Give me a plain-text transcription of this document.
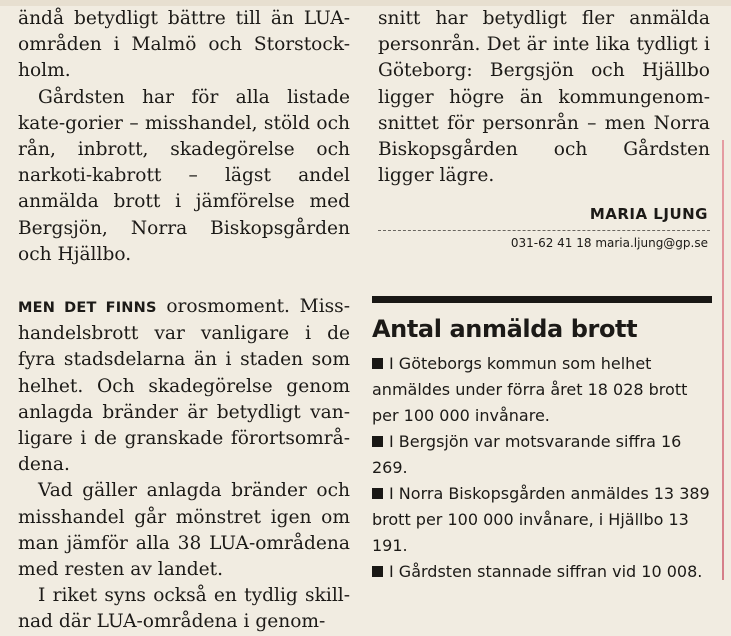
ändå betydligt bättre till än LUA-områden i Malmö och Storstock-holm.

Gårdsten har för alla listade kate-gorier – misshandel, stöld och rån, inbrott, skadegörelse och narkoti-kabrott – lägst andel anmälda brott i jämförelse med Bergsjön, Norra Biskopsgården och Hjällbo.

MEN DET FINNS orosmoment. Miss-handelsbrott var vanligare i de fyra stadsdelarna än i staden som helhet. Och skadegörelse genom anlagda bränder är betydligt van-ligare i de granskade förortsområ-dena.

Vad gäller anlagda bränder och misshandel går mönstret igen om man jämför alla 38 LUA-områdena med resten av landet.

I riket syns också en tydlig skill-nad där LUA-områdena i genom-

snitt har betydligt fler anmälda personrån. Det är inte lika tydligt i Göteborg: Bergsjön och Hjällbo ligger högre än kommungenom-snittet för personrån – men Norra Biskopsgården och Gårdsten ligger lägre.

MARIA LJUNG
031-62 41 18 maria.ljung@gp.se
Antal anmälda brott

I Göteborgs kommun som helhet anmäldes under förra året 18 028 brott per 100 000 invånare.

I Bergsjön var motsvarande siffra 16 269.

I Norra Biskopsgården anmäldes 13 389 brott per 100 000 invånare, i Hjällbo 13 191.

I Gårdsten stannade siffran vid 10 008.
